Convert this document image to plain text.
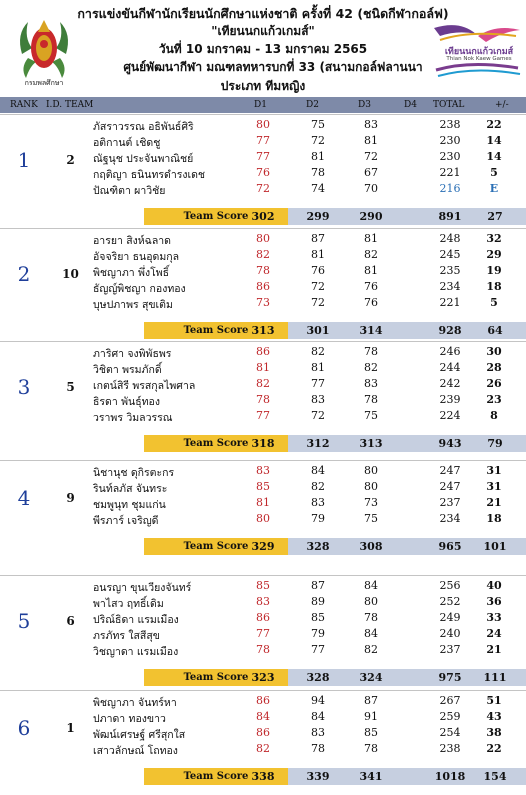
กรมพลศึกษา
การแข่งขันกีฬานักเรียนนักศึกษาแห่งชาติ ครั้งที่ 42 (ชนิดกีฬากอล์ฟ)
"เทียนนกแก้วเกมส์"
วันที่ 10 มกราคม - 13 มกราคม 2565
ศูนย์พัฒนากีฬา มณฑลทหารบกที่ 33 (สนามกอล์ฟลานนา
ประเภท ทีมหญิง
เทียนนกแก้วเกมส์
Thian Nok Kaew Games
RANK I.D. TEAM	D1	D2	D3	D4 TOTAL	+/-
1	2
ภัสราวรรณ อธิพันธ์ศิริ	80	75	83	238	22
อติกานต์ เชิดชู	77	72	81	230	14
ณัฐนุช ประจันพาณิชย์	77	81	72	230	14
กฤติญา ธนินทรดำรงเดช	76	78	67	221	5
ปัณฑิตา ผาวิชัย	72	74	70	216	E
Team Score 302	299	290	891	27
2	10
อารยา สิงห์ฉลาด	80	87	81	248	32
อัจจริยา ธนอุดมกุล	82	81	82	245	29
พิชญาภา พึ่งโพธิ์	78	76	81	235	19
ธัญญ์พิชญา กองทอง	86	72	76	234	18
บุษปภาพร สุขเติม	73	72	76	221	5
Team Score 313	301	314	928	64
3	5
ภาริศา จงพิพัธพร	86	82	78	246	30
วิชิตา พรมภักดิ์	81	81	82	244	28
เกตน์สิรี พรสกุลไพศาล	82	77	83	242	26
ธิรดา พันธุ์ทอง	78	83	78	239	23
วราพร วิมลวรรณ	77	72	75	224	8
Team Score 318	312	313	943	79
4	9
นิชานุช ดุกิรตะกร	83	84	80	247	31
รินท์ลภัส จันทระ	85	82	80	247	31
ชมพูนุท ชุมแก่น	81	83	73	237	21
พีรภาร์ เจริญดี	80	79	75	234	18
Team Score 329	328	308	965	101
5	6
อนรญา ขุนเวียงจันทร์	85	87	84	256	40
พาไสว ฤทธิ์เดิม	83	89	80	252	36
ปริณ์ธิดา แรมเมือง	86	85	78	249	33
ภรภัทร ใสสีสุข	77	79	84	240	24
วิชญาดา แรมเมือง	78	77	82	237	21
Team Score 323	328	324	975	111
6	1
พิชญาภา จันทร์หา	86	94	87	267	51
ปภาดา ทองขาว	84	84	91	259	43
พัฒน์เศรษฐ์ ศรีสุกใส	86	83	85	254	38
เสาวลักษณ์ โถทอง	82	78	78	238	22
Team Score 338	339	341	1018 154
